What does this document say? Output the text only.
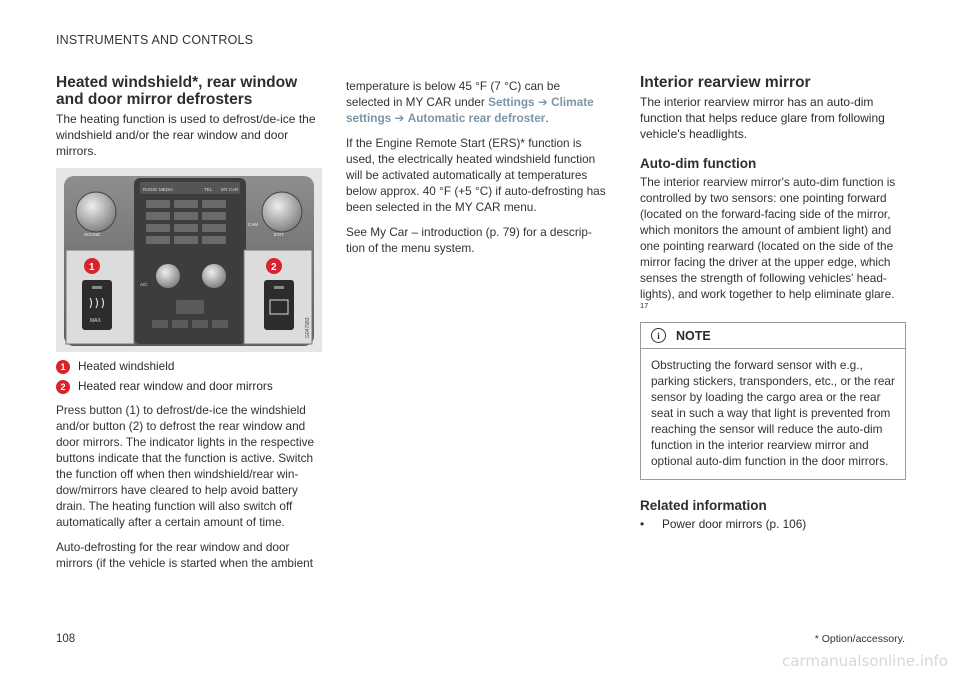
INSTRUMENTS AND CONTROLS
Heated windshield*, rear window and door mirror defrosters

The heating function is used to defrost/de-ice the windshield and/or the rear window and door mirrors.

RADIO MEDIA	TEL MY CAR
A/C
SOUND
CAM
EXIT
MAX
1	2
G047983
1	Heated windshield
2	Heated rear window and door mirrors

Press button (1) to defrost/de-ice the windshield and/or button (2) to defrost the rear window and door mirrors. The indicator lights in the respective buttons indicate that the function is active. Switch the function off when then windshield/rear win-dow/mirrors have cleared to help avoid battery drain. The heating function will also switch off automatically after a certain amount of time.

Auto-defrosting for the rear window and door mirrors (if the vehicle is started when the ambient

temperature is below 45 °F (7 °C) can be selected in MY CAR under Settings ➔ Climate settings ➔ Automatic rear defroster.

If the Engine Remote Start (ERS)* function is used, the electrically heated windshield function will be activated automatically at temperatures below approx. 40 °F (+5 °C) if auto-defrosting has been selected in the MY CAR menu.

See My Car – introduction (p. 79) for a descrip-tion of the menu system.

Interior rearview mirror

The interior rearview mirror has an auto-dim function that helps reduce glare from following vehicle's headlights.

Auto-dim function

The interior rearview mirror's auto-dim function is controlled by two sensors: one pointing forward (located on the forward-facing side of the mirror, which monitors the amount of ambient light) and one pointing rearward (located on the side of the mirror facing the driver at the upper edge, which senses the strength of following vehicles' head-lights), and work together to help eliminate glare.

17
i	NOTE

Obstructing the forward sensor with e.g., parking stickers, transponders, etc., or the rear sensor by loading the cargo area or the rear seat in such a way that light is prevented from reaching the sensor will reduce the auto-dim function in the interior rearview mirror and optional auto-dim function in the door mirrors.

Related information
•	Power door mirrors (p. 106)
108	* Option/accessory.
carmanualsonline.info
